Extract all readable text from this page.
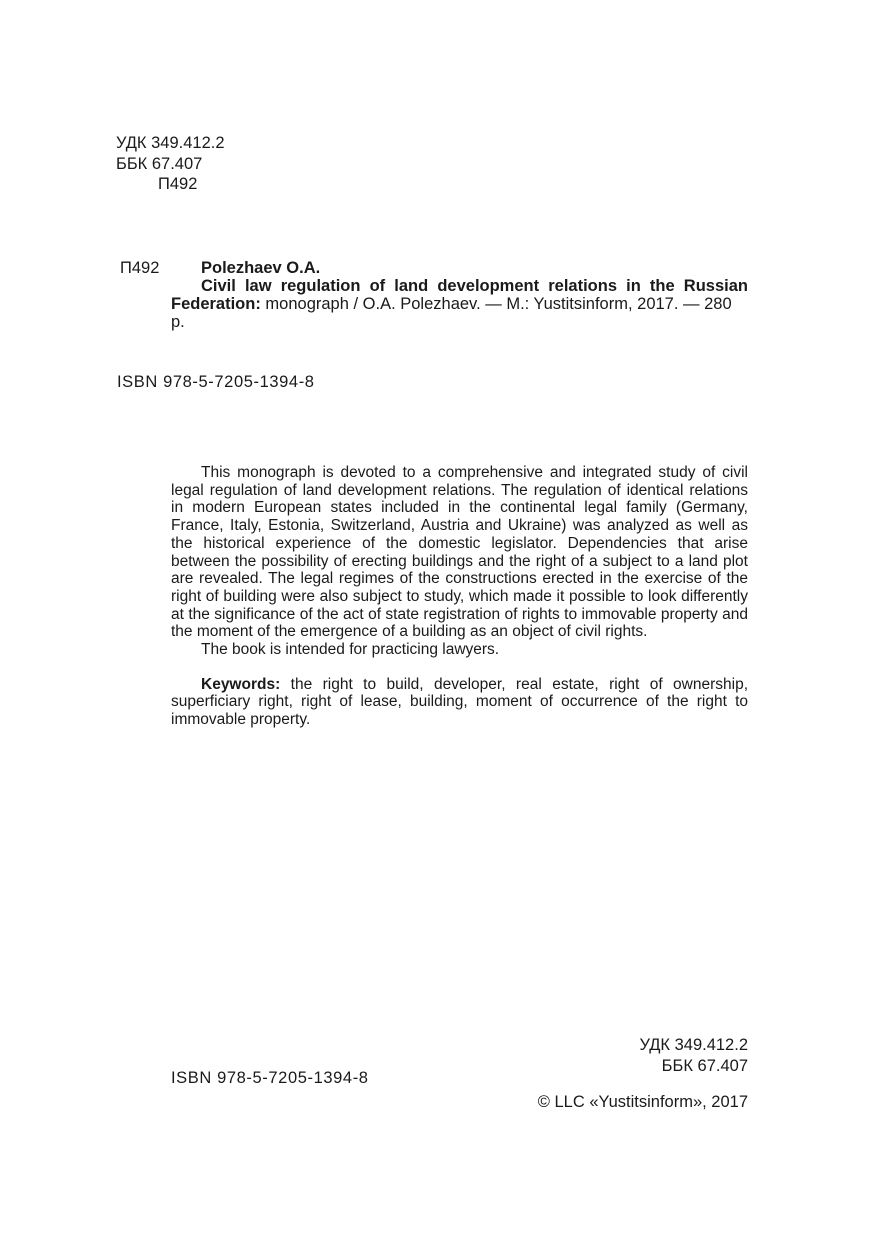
УДК 349.412.2
ББК 67.407
П492
П492	Polezhaev O.A.
Civil law regulation of land development relations in the Russian
Federation: monograph / O.A. Polezhaev. — M.: Yustitsinform, 2017. — 280 p.
ISBN 978-5-7205-1394-8

This monograph is devoted to a comprehensive and integrated study of civil legal regulation of land development relations. The regulation of identical relations in modern European states included in the continental legal family (Germany, France, Italy, Estonia, Switzerland, Austria and Ukraine) was analyzed as well as the historical experience of the domestic legislator. Dependencies that arise between the possibility of erecting buildings and the right of a subject to a land plot are revealed. The legal regimes of the constructions erected in the exercise of the right of building were also subject to study, which made it possible to look differently at the significance of the act of state registration of rights to immovable property and the moment of the emergence of a building as an object of civil rights.

The book is intended for practicing lawyers.

Keywords: the right to build, developer, real estate, right of ownership, superficiary right, right of lease, building, moment of occurrence of the right to immovable property.

ISBN 978-5-7205-1394-8
УДК 349.412.2
ББК 67.407
© LLC «Yustitsinform», 2017
